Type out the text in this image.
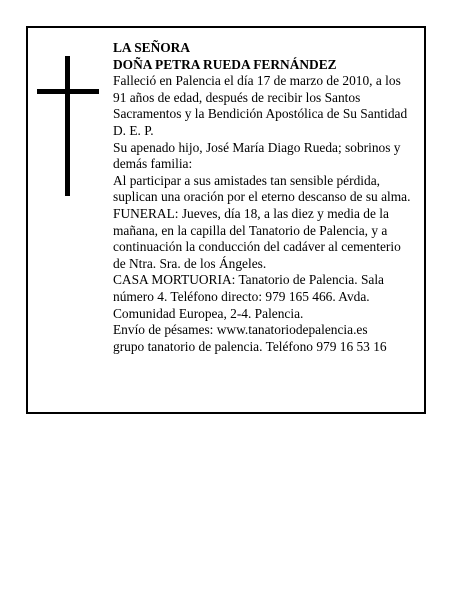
LA SEÑORA

DOÑA PETRA RUEDA FERNÁNDEZ

Falleció en Palencia el día 17 de marzo de 2010, a los

91 años de edad, después de recibir los Santos

Sacramentos y la Bendición Apostólica de Su Santidad

D. E. P.

Su apenado hijo, José María Diago Rueda; sobrinos y

demás familia:

Al participar a sus amistades tan sensible pérdida,

suplican una oración por el eterno descanso de su alma.

FUNERAL: Jueves, día 18, a las diez y media de la

mañana, en la capilla del Tanatorio de Palencia, y a

continuación la conducción del cadáver al cementerio

de Ntra. Sra. de los Ángeles.

CASA MORTUORIA: Tanatorio de Palencia. Sala

número 4. Teléfono directo: 979 165 466. Avda.

Comunidad Europea, 2-4. Palencia.

Envío de pésames: www.tanatoriodepalencia.es

grupo tanatorio de palencia. Teléfono 979 16 53 16
